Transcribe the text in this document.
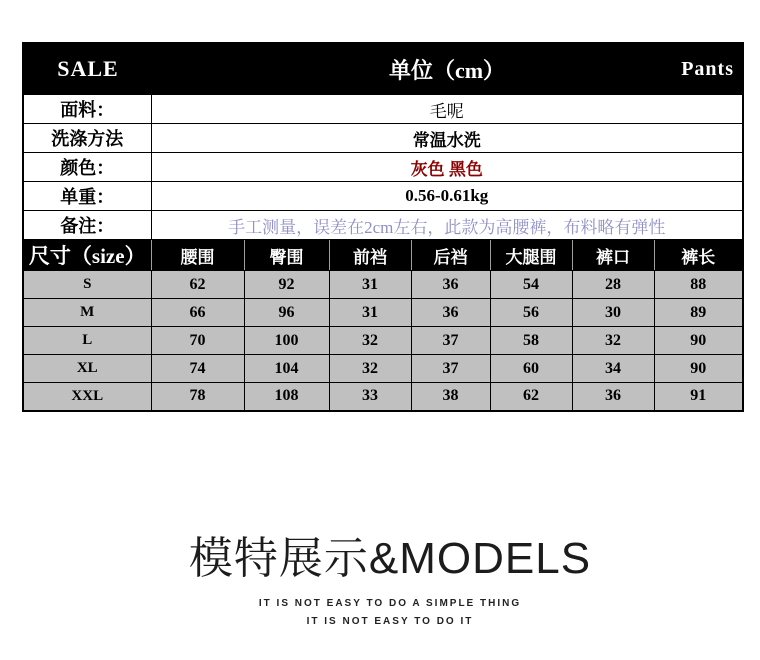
SALE 单位（cm） Pants							

面料：	毛呢						
洗涤方法	常温水洗						
颜色：	灰色 黑色						
单重：	0.56-0.61kg						
备注：	手工测量，误差在2cm左右，此款为高腰裤，布料略有弹性						
尺寸（size）	腰围	臀围	前裆	后裆	大腿围	裤口	裤长
S	62	92	31	36	54	28	88
M	66	96	31	36	56	30	89
L	70	100	32	37	58	32	90
XL	74	104	32	37	60	34	90
XXL	78	108	33	38	62	36	91
模特展示&MODELS
IT IS NOT EASY TO DO A SIMPLE THING
IT IS NOT EASY TO DO IT
